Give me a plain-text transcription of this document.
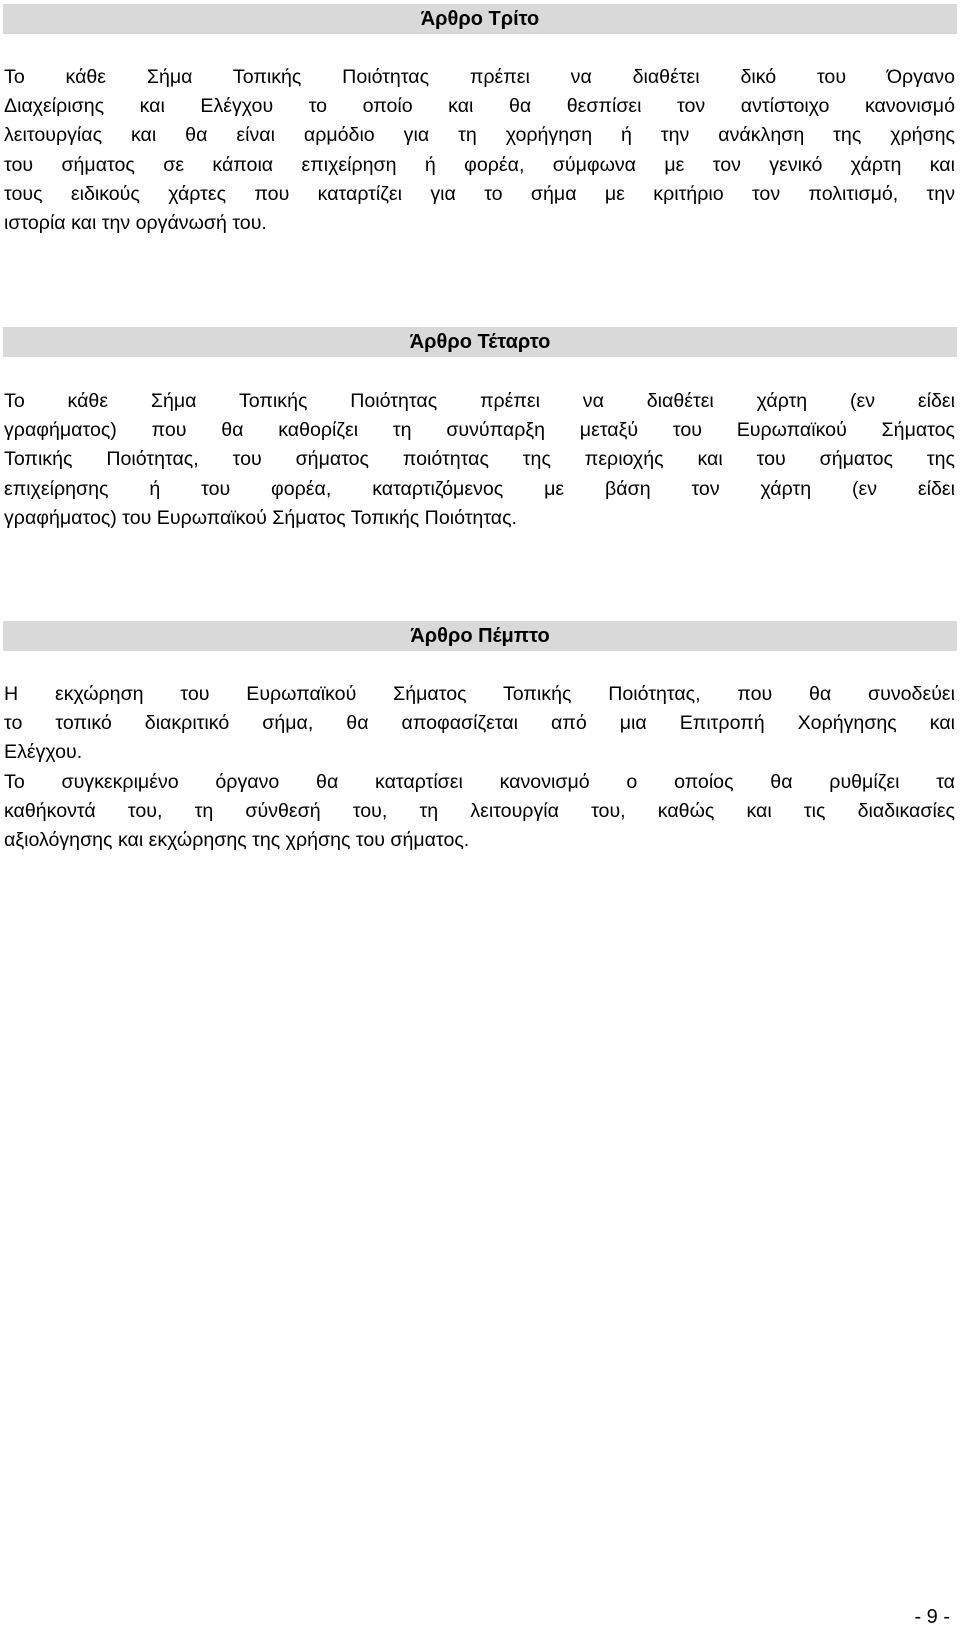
Άρθρο Τρίτο
Το κάθε Σήμα Τοπικής Ποιότητας πρέπει να διαθέτει δικό του Όργανο
Διαχείρισης και Ελέγχου το οποίο και θα θεσπίσει τον αντίστοιχο κανονισμό
λειτουργίας και θα είναι αρμόδιο για τη χορήγηση ή την ανάκληση της χρήσης
του σήματος σε κάποια επιχείρηση ή φορέα, σύμφωνα με τον γενικό χάρτη και
τους ειδικούς χάρτες που καταρτίζει για το σήμα με κριτήριο τον πολιτισμό, την
ιστορία και την οργάνωσή του.
Άρθρο Τέταρτο
Το κάθε Σήμα Τοπικής Ποιότητας πρέπει να διαθέτει χάρτη (εν είδει
γραφήματος) που θα καθορίζει τη συνύπαρξη μεταξύ του Ευρωπαϊκού Σήματος
Τοπικής Ποιότητας, του σήματος ποιότητας της περιοχής και του σήματος της
επιχείρησης ή του φορέα, καταρτιζόμενος με βάση τον χάρτη (εν είδει
γραφήματος) του Ευρωπαϊκού Σήματος Τοπικής Ποιότητας.
Άρθρο Πέμπτο
Η εκχώρηση του Ευρωπαϊκού Σήματος Τοπικής Ποιότητας, που θα συνοδεύει
το τοπικό διακριτικό σήμα, θα αποφασίζεται από μια Επιτροπή Χορήγησης και
Ελέγχου.
Το συγκεκριμένο όργανο θα καταρτίσει κανονισμό ο οποίος θα ρυθμίζει τα
καθήκοντά του, τη σύνθεσή του, τη λειτουργία του, καθώς και τις διαδικασίες
αξιολόγησης και εκχώρησης της χρήσης του σήματος.
- 9 -
